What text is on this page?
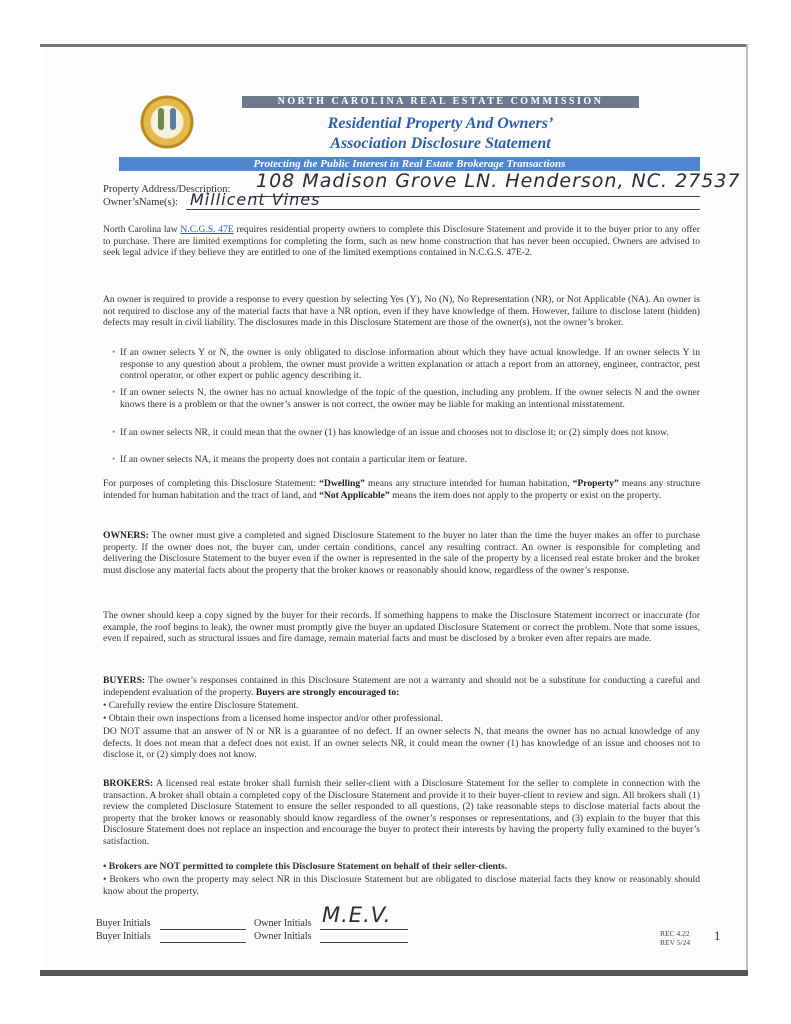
NORTH CAROLINA REAL ESTATE COMMISSION
Residential Property And Owners’
Association Disclosure Statement
Protecting the Public Interest in Real Estate Brokerage Transactions
Property Address/Description: 108 Madison Grove LN. Henderson, NC. 27537
Owner’sName(s): Millicent Vines

North Carolina law N.C.G.S. 47E requires residential property owners to complete this Disclosure Statement and provide it to the buyer prior to any offer to purchase. There are limited exemptions for completing the form, such as new home construction that has never been occupied. Owners are advised to seek legal advice if they believe they are entitled to one of the limited exemptions contained in N.C.G.S. 47E-2.

An owner is required to provide a response to every question by selecting Yes (Y), No (N), No Representation (NR), or Not Applicable (NA). An owner is not required to disclose any of the material facts that have a NR option, even if they have knowledge of them. However, failure to disclose latent (hidden) defects may result in civil liability. The disclosures made in this Disclosure Statement are those of the owner(s), not the owner’s broker.

• If an owner selects Y or N, the owner is only obligated to disclose information about which they have actual knowledge. If an owner selects Y in response to any question about a problem, the owner must provide a written explanation or attach a report from an attorney, engineer, contractor, pest control operator, or other expert or public agency describing it.
• If an owner selects N, the owner has no actual knowledge of the topic of the question, including any problem. If the owner selects N and the owner knows there is a problem or that the owner’s answer is not correct, the owner may be liable for making an intentional misstatement.
• If an owner selects NR, it could mean that the owner (1) has knowledge of an issue and chooses not to disclose it; or (2) simply does not know.
• If an owner selects NA, it means the property does not contain a particular item or feature.

For purposes of completing this Disclosure Statement: “Dwelling” means any structure intended for human habitation, “Property” means any structure intended for human habitation and the tract of land, and “Not Applicable” means the item does not apply to the property or exist on the property.

OWNERS: The owner must give a completed and signed Disclosure Statement to the buyer no later than the time the buyer makes an offer to purchase property. If the owner does not, the buyer can, under certain conditions, cancel any resulting contract. An owner is responsible for completing and delivering the Disclosure Statement to the buyer even if the owner is represented in the sale of the property by a licensed real estate broker and the broker must disclose any material facts about the property that the broker knows or reasonably should know, regardless of the owner’s response.

The owner should keep a copy signed by the buyer for their records. If something happens to make the Disclosure Statement incorrect or inaccurate (for example, the roof begins to leak), the owner must promptly give the buyer an updated Disclosure Statement or correct the problem. Note that some issues, even if repaired, such as structural issues and fire damage, remain material facts and must be disclosed by a broker even after repairs are made.

BUYERS: The owner’s responses contained in this Disclosure Statement are not a warranty and should not be a substitute for conducting a careful and independent evaluation of the property. Buyers are strongly encouraged to:

• Carefully review the entire Disclosure Statement.
• Obtain their own inspections from a licensed home inspector and/or other professional.

DO NOT assume that an answer of N or NR is a guarantee of no defect. If an owner selects N, that means the owner has no actual knowledge of any defects. It does not mean that a defect does not exist. If an owner selects NR, it could mean the owner (1) has knowledge of an issue and chooses not to disclose it, or (2) simply does not know.

BROKERS: A licensed real estate broker shall furnish their seller-client with a Disclosure Statement for the seller to complete in connection with the transaction. A broker shall obtain a completed copy of the Disclosure Statement and provide it to their buyer-client to review and sign. All brokers shall (1) review the completed Disclosure Statement to ensure the seller responded to all questions, (2) take reasonable steps to disclose material facts about the property that the broker knows or reasonably should know regardless of the owner’s responses or representations, and (3) explain to the buyer that this Disclosure Statement does not replace an inspection and encourage the buyer to protect their interests by having the property fully examined to the buyer’s satisfaction.

• Brokers are NOT permitted to complete this Disclosure Statement on behalf of their seller-clients.
• Brokers who own the property may select NR in this Disclosure Statement but are obligated to disclose material facts they know or reasonably should know about the property.
Buyer Initials
Buyer Initials
Owner Initials M.E.V.
Owner Initials	REC 4.22
REV 5/24 1
